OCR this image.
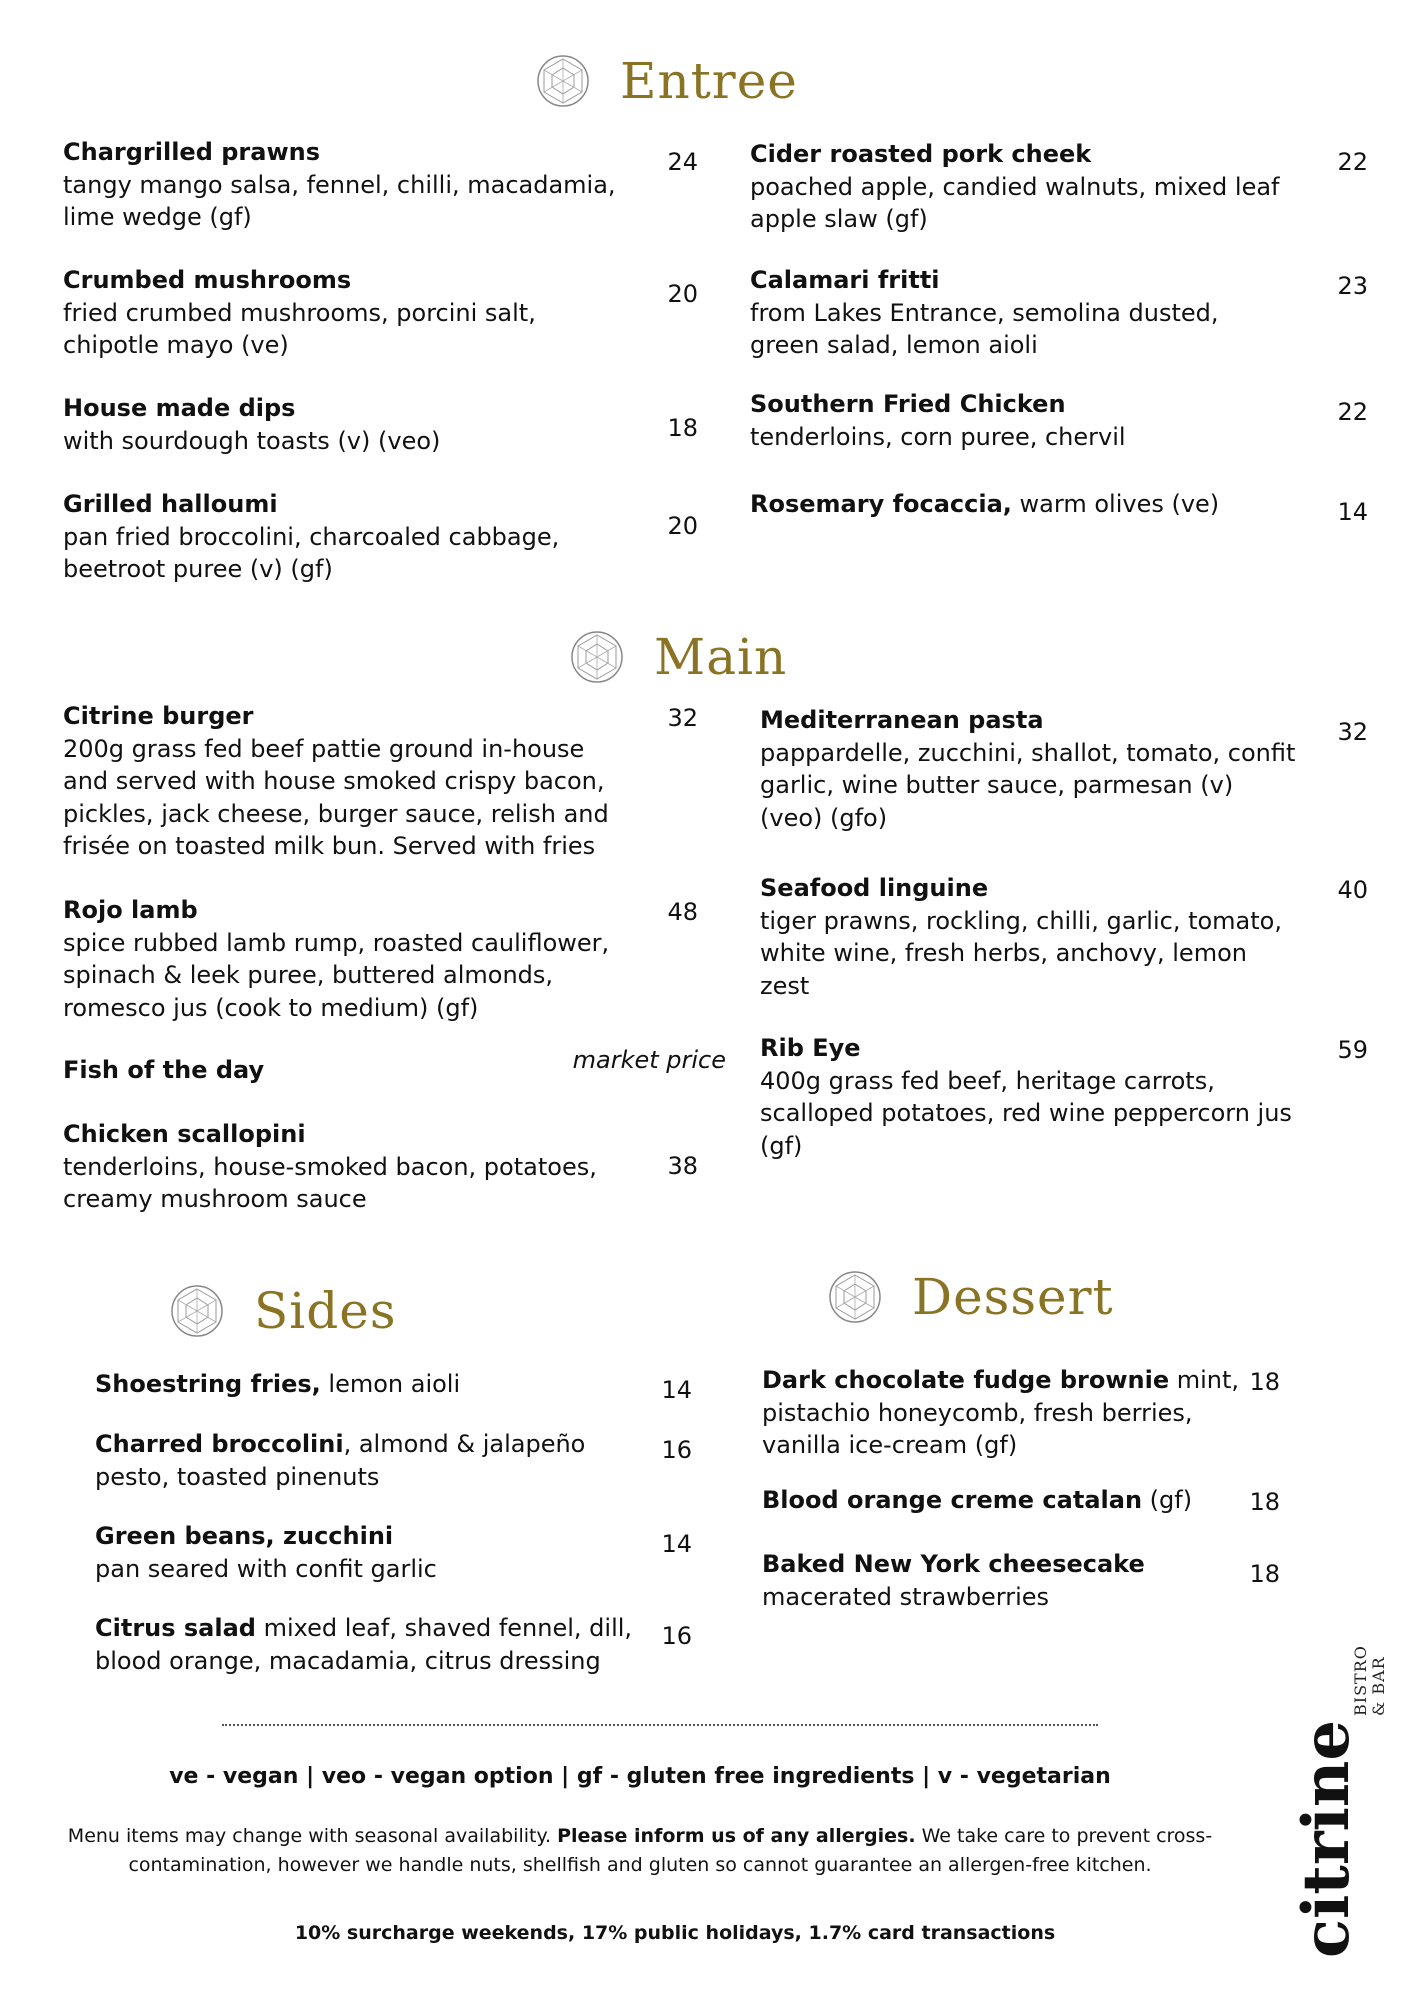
Entree
Main
Sides	Dessert
Chargrilled prawns
tangy mango salsa, fennel, chilli, macadamia, lime wedge (gf)
24
Crumbed mushrooms
fried crumbed mushrooms, porcini salt, chipotle mayo (ve)
20
House made dips
with sourdough toasts (v) (veo)	18
Grilled halloumi
pan fried broccolini, charcoaled cabbage, beetroot puree (v) (gf)
20
Cider roasted pork cheek
poached apple, candied walnuts, mixed leaf apple slaw (gf)
22
Calamari fritti
from Lakes Entrance, semolina dusted, green salad, lemon aioli
23
Southern Fried Chicken
tenderloins, corn puree, chervil
22
Rosemary focaccia, warm olives (ve)	14
Citrine burger
200g grass fed beef pattie ground in-house and served with house smoked crispy bacon, pickles, jack cheese, burger sauce, relish and frisée on toasted milk bun. Served with fries
32
Rojo lamb
spice rubbed lamb rump, roasted cauliflower, spinach & leek puree, buttered almonds, romesco jus (cook to medium) (gf)
48
Fish of the day	market price
Chicken scallopini
tenderloins, house-smoked bacon, potatoes, creamy mushroom sauce
38
Mediterranean pasta
pappardelle, zucchini, shallot, tomato, confit garlic, wine butter sauce, parmesan (v) (veo) (gfo)
32
Seafood linguine
tiger prawns, rockling, chilli, garlic, tomato, white wine, fresh herbs, anchovy, lemon zest
40
Rib Eye
400g grass fed beef, heritage carrots, scalloped potatoes, red wine peppercorn jus (gf)
59
Shoestring fries, lemon aioli	14
Charred broccolini, almond & jalapeño pesto, toasted pinenuts
16
Green beans, zucchini
pan seared with confit garlic
14
Citrus salad mixed leaf, shaved fennel, dill, blood orange, macadamia, citrus dressing
16
Dark chocolate fudge brownie mint, pistachio honeycomb, fresh berries, vanilla ice-cream (gf)
18
Blood orange creme catalan (gf)	18
Baked New York cheesecake
macerated strawberries
18
ve - vegan | veo - vegan option | gf - gluten free ingredients | v - vegetarian
Menu items may change with seasonal availability. Please inform us of any allergies. We take care to prevent cross-contamination, however we handle nuts, shellfish and gluten so cannot guarantee an allergen-free kitchen.
10% surcharge weekends, 17% public holidays, 1.7% card transactions	citrine
BISTRO & BAR
